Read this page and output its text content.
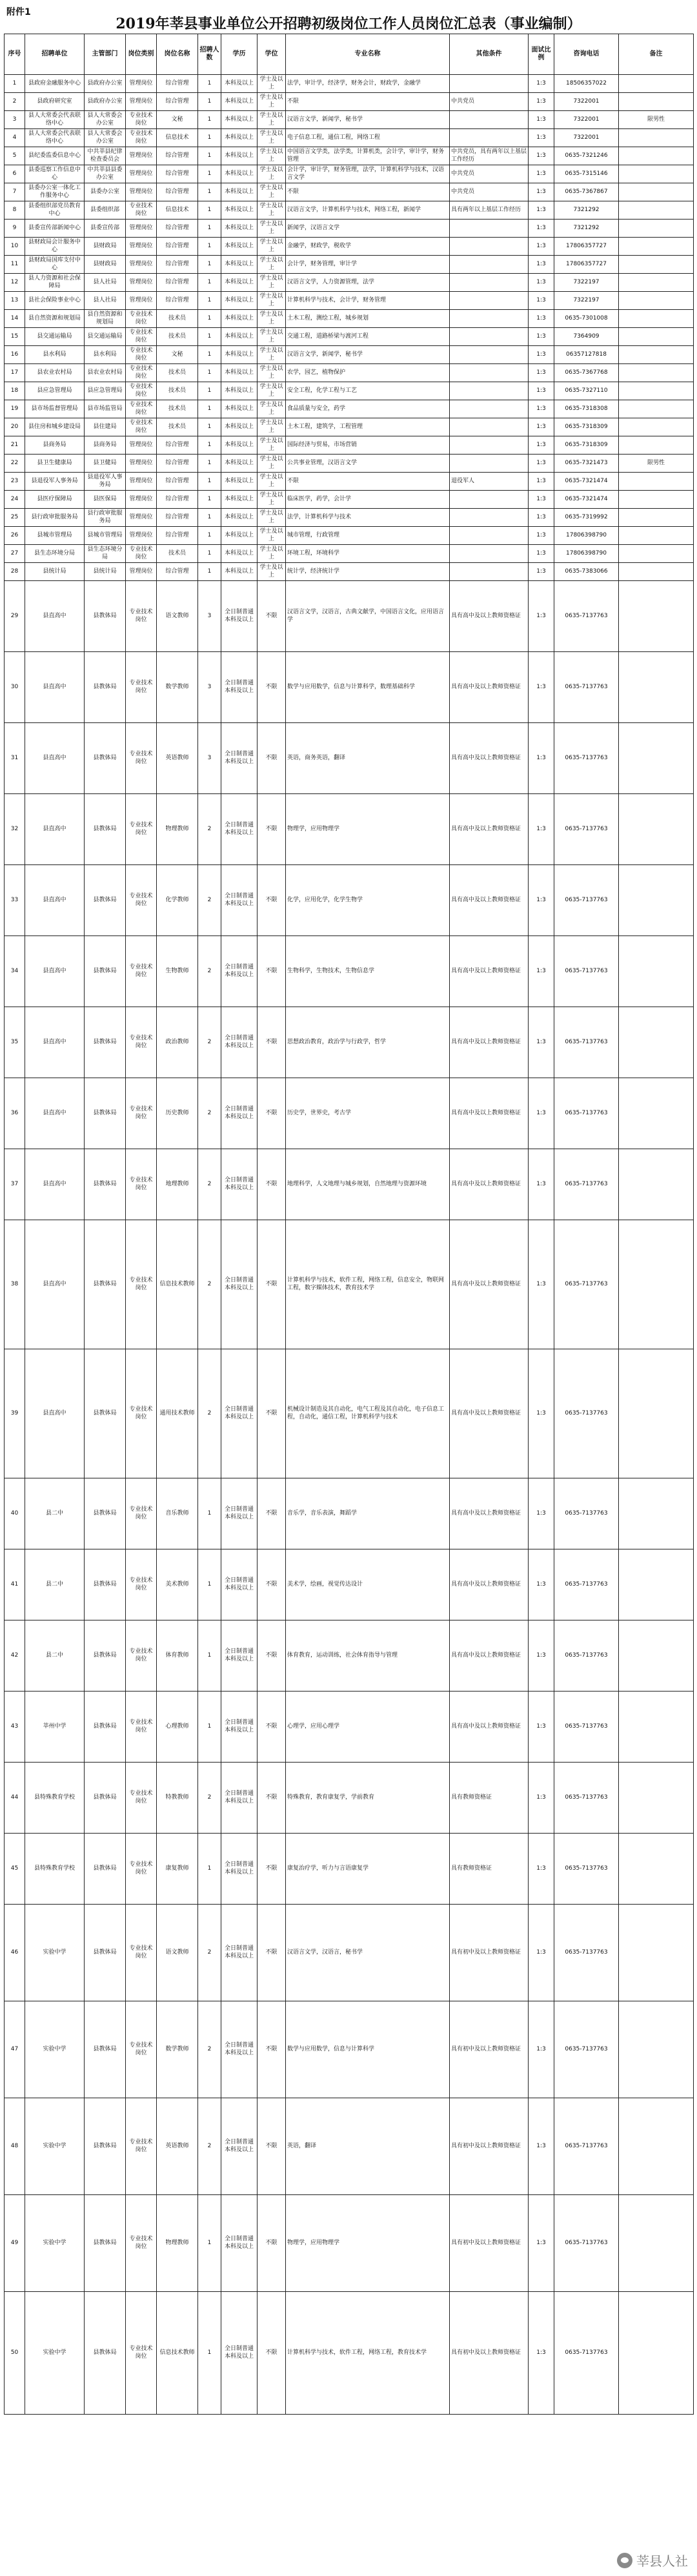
附件1
2019年莘县事业单位公开招聘初级岗位工作人员岗位汇总表（事业编制）
序号	招聘单位	主管部门	岗位类别	岗位名称	招聘人数	学历	学位	专业名称	其他条件	面试比例	咨询电话	备注
1	县政府金融服务中心	县政府办公室	管理岗位	综合管理	1	本科及以上	学士及以上	法学，审计学，经济学，财务会计，财政学，金融学		1:3	18506357022	
2	县政府研究室	县政府办公室	管理岗位	综合管理	1	本科及以上	学士及以上	不限	中共党员	1:3	7322001	
3	县人大常委会代表联络中心	县人大常委会办公室	专业技术岗位	文秘	1	本科及以上	学士及以上	汉语言文学，新闻学，秘书学		1:3	7322001	限男性
4	县人大常委会代表联络中心	县人大常委会办公室	专业技术岗位	信息技术	1	本科及以上	学士及以上	电子信息工程，通信工程，网络工程		1:3	7322001	
5	县纪委监委信息中心	中共莘县纪律检查委员会	管理岗位	综合管理	1	本科及以上	学士及以上	中国语言文学类，法学类，计算机类，会计学，审计学，财务管理	中共党员，具有两年以上基层工作经历	1:3	0635-7321246	
6	县委巡察工作信息中心	中共莘县县委办公室	管理岗位	综合管理	1	本科及以上	学士及以上	会计学，审计学，财务管理，法学，计算机科学与技术，汉语言文学	中共党员	1:3	0635-7315146	
7	县委办公室一体化工作服务中心	县委办公室	管理岗位	综合管理	1	本科及以上	学士及以上	不限	中共党员	1:3	0635-7367867	
8	县委组织部党员教育中心	县委组织部	专业技术岗位	信息技术	1	本科及以上	学士及以上	汉语言文学，计算机科学与技术，网络工程，新闻学	具有两年以上基层工作经历	1:3	7321292	
9	县委宣传部新闻中心	县委宣传部	管理岗位	综合管理	1	本科及以上	学士及以上	新闻学，汉语言文学		1:3	7321292	
10	县财政局会计服务中心	县财政局	管理岗位	综合管理	1	本科及以上	学士及以上	金融学，财政学，税收学		1:3	17806357727	
11	县财政局国库支付中心	县财政局	管理岗位	综合管理	1	本科及以上	学士及以上	会计学，财务管理，审计学		1:3	17806357727	
12	县人力资源和社会保障局	县人社局	管理岗位	综合管理	1	本科及以上	学士及以上	汉语言文学，人力资源管理，法学		1:3	7322197	
13	县社会保险事业中心	县人社局	管理岗位	综合管理	1	本科及以上	学士及以上	计算机科学与技术，会计学，财务管理		1:3	7322197	
14	县自然资源和规划局	县自然资源和规划局	专业技术岗位	技术员	1	本科及以上	学士及以上	土木工程，测绘工程，城乡规划		1:3	0635-7301008	
15	县交通运输局	县交通运输局	专业技术岗位	技术员	1	本科及以上	学士及以上	交通工程，道路桥梁与渡河工程		1:3	7364909	
16	县水利局	县水利局	专业技术岗位	文秘	1	本科及以上	学士及以上	汉语言文学，新闻学，秘书学		1:3	06357127818	
17	县农业农村局	县农业农村局	专业技术岗位	技术员	1	本科及以上	学士及以上	农学，园艺，植物保护		1:3	0635-7367768	
18	县应急管理局	县应急管理局	专业技术岗位	技术员	1	本科及以上	学士及以上	安全工程，化学工程与工艺		1:3	0635-7327110	
19	县市场监督管理局	县市场监管局	专业技术岗位	技术员	1	本科及以上	学士及以上	食品质量与安全，药学		1:3	0635-7318308	
20	县住房和城乡建设局	县住建局	专业技术岗位	技术员	1	本科及以上	学士及以上	土木工程，建筑学，工程管理		1:3	0635-7318309	
21	县商务局	县商务局	管理岗位	综合管理	1	本科及以上	学士及以上	国际经济与贸易，市场营销		1:3	0635-7318309	
22	县卫生健康局	县卫健局	管理岗位	综合管理	1	本科及以上	学士及以上	公共事业管理，汉语言文学		1:3	0635-7321473	限男性
23	县退役军人事务局	县退役军人事务局	管理岗位	综合管理	1	本科及以上	学士及以上	不限	退役军人	1:3	0635-7321474	
24	县医疗保障局	县医保局	管理岗位	综合管理	1	本科及以上	学士及以上	临床医学，药学，会计学		1:3	0635-7321474	
25	县行政审批服务局	县行政审批服务局	管理岗位	综合管理	1	本科及以上	学士及以上	法学，计算机科学与技术		1:3	0635-7319992	
26	县城市管理局	县城市管理局	管理岗位	综合管理	1	本科及以上	学士及以上	城市管理，行政管理		1:3	17806398790	
27	县生态环境分局	县生态环境分局	专业技术岗位	技术员	1	本科及以上	学士及以上	环境工程，环境科学		1:3	17806398790	
28	县统计局	县统计局	管理岗位	综合管理	1	本科及以上	学士及以上	统计学，经济统计学		1:3	0635-7383066	
29	县直高中	县教体局	专业技术岗位	语文教师	3	全日制普通本科及以上	不限	汉语言文学，汉语言，古典文献学，中国语言文化，应用语言学	具有高中及以上教师资格证	1:3	0635-7137763	
30	县直高中	县教体局	专业技术岗位	数学教师	3	全日制普通本科及以上	不限	数学与应用数学，信息与计算科学，数理基础科学	具有高中及以上教师资格证	1:3	0635-7137763	
31	县直高中	县教体局	专业技术岗位	英语教师	3	全日制普通本科及以上	不限	英语，商务英语，翻译	具有高中及以上教师资格证	1:3	0635-7137763	
32	县直高中	县教体局	专业技术岗位	物理教师	2	全日制普通本科及以上	不限	物理学，应用物理学	具有高中及以上教师资格证	1:3	0635-7137763	
33	县直高中	县教体局	专业技术岗位	化学教师	2	全日制普通本科及以上	不限	化学，应用化学，化学生物学	具有高中及以上教师资格证	1:3	0635-7137763	
34	县直高中	县教体局	专业技术岗位	生物教师	2	全日制普通本科及以上	不限	生物科学，生物技术，生物信息学	具有高中及以上教师资格证	1:3	0635-7137763	
35	县直高中	县教体局	专业技术岗位	政治教师	2	全日制普通本科及以上	不限	思想政治教育，政治学与行政学，哲学	具有高中及以上教师资格证	1:3	0635-7137763	
36	县直高中	县教体局	专业技术岗位	历史教师	2	全日制普通本科及以上	不限	历史学，世界史，考古学	具有高中及以上教师资格证	1:3	0635-7137763	
37	县直高中	县教体局	专业技术岗位	地理教师	2	全日制普通本科及以上	不限	地理科学，人文地理与城乡规划，自然地理与资源环境	具有高中及以上教师资格证	1:3	0635-7137763	
38	县直高中	县教体局	专业技术岗位	信息技术教师	2	全日制普通本科及以上	不限	计算机科学与技术，软件工程，网络工程，信息安全，物联网工程，数字媒体技术，教育技术学	具有高中及以上教师资格证	1:3	0635-7137763	
39	县直高中	县教体局	专业技术岗位	通用技术教师	2	全日制普通本科及以上	不限	机械设计制造及其自动化，电气工程及其自动化，电子信息工程，自动化，通信工程，计算机科学与技术	具有高中及以上教师资格证	1:3	0635-7137763	
40	县二中	县教体局	专业技术岗位	音乐教师	1	全日制普通本科及以上	不限	音乐学，音乐表演，舞蹈学	具有高中及以上教师资格证	1:3	0635-7137763	
41	县二中	县教体局	专业技术岗位	美术教师	1	全日制普通本科及以上	不限	美术学，绘画，视觉传达设计	具有高中及以上教师资格证	1:3	0635-7137763	
42	县二中	县教体局	专业技术岗位	体育教师	1	全日制普通本科及以上	不限	体育教育，运动训练，社会体育指导与管理	具有高中及以上教师资格证	1:3	0635-7137763	
43	莘州中学	县教体局	专业技术岗位	心理教师	1	全日制普通本科及以上	不限	心理学，应用心理学	具有高中及以上教师资格证	1:3	0635-7137763	
44	县特殊教育学校	县教体局	专业技术岗位	特教教师	2	全日制普通本科及以上	不限	特殊教育，教育康复学，学前教育	具有教师资格证	1:3	0635-7137763	
45	县特殊教育学校	县教体局	专业技术岗位	康复教师	1	全日制普通本科及以上	不限	康复治疗学，听力与言语康复学	具有教师资格证	1:3	0635-7137763	
46	实验中学	县教体局	专业技术岗位	语文教师	2	全日制普通本科及以上	不限	汉语言文学，汉语言，秘书学	具有初中及以上教师资格证	1:3	0635-7137763	
47	实验中学	县教体局	专业技术岗位	数学教师	2	全日制普通本科及以上	不限	数学与应用数学，信息与计算科学	具有初中及以上教师资格证	1:3	0635-7137763	
48	实验中学	县教体局	专业技术岗位	英语教师	2	全日制普通本科及以上	不限	英语，翻译	具有初中及以上教师资格证	1:3	0635-7137763	
49	实验中学	县教体局	专业技术岗位	物理教师	1	全日制普通本科及以上	不限	物理学，应用物理学	具有初中及以上教师资格证	1:3	0635-7137763	
50	实验中学	县教体局	专业技术岗位	信息技术教师	1	全日制普通本科及以上	不限	计算机科学与技术，软件工程，网络工程，教育技术学	具有初中及以上教师资格证	1:3	0635-7137763	
莘县人社
